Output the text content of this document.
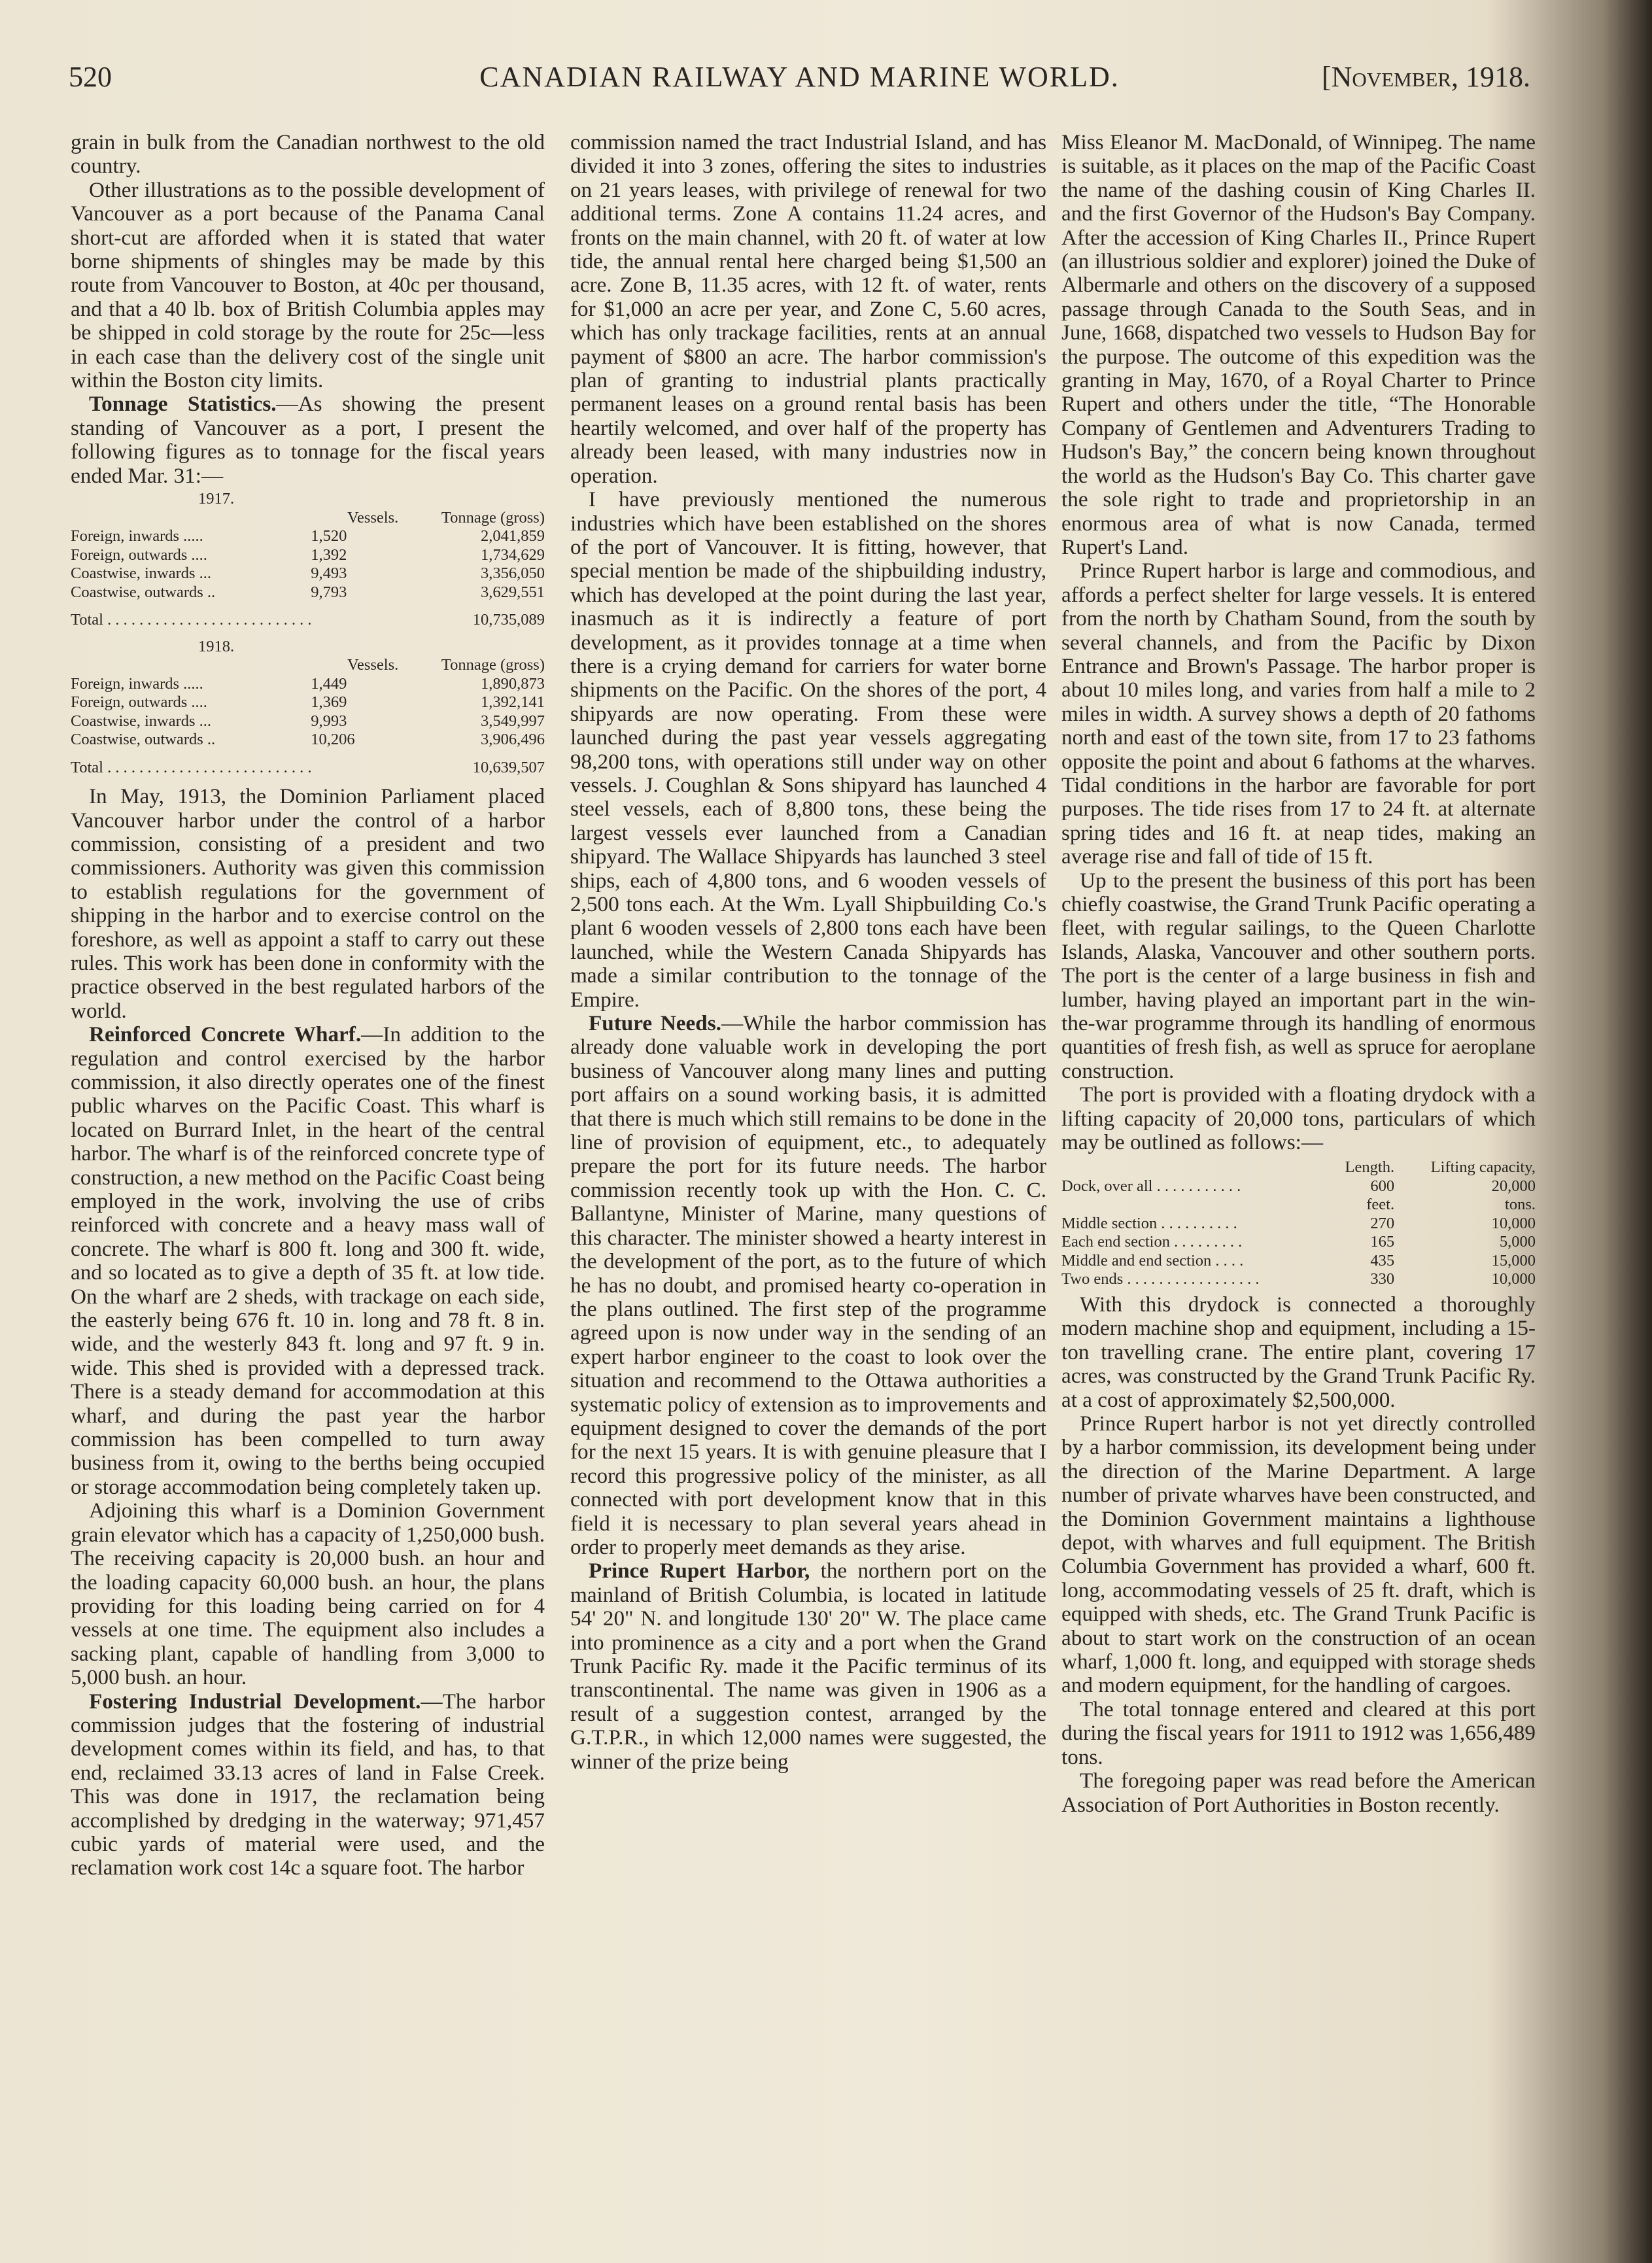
520	CANADIAN RAILWAY AND MARINE WORLD.	[November, 1918.

grain in bulk from the Canadian northwest to the old country.

Other illustrations as to the possible development of Vancouver as a port because of the Panama Canal short-cut are afforded when it is stated that water borne shipments of shingles may be made by this route from Vancouver to Boston, at 40c per thousand, and that a 40 lb. box of British Columbia apples may be shipped in cold storage by the route for 25c—less in each case than the delivery cost of the single unit within the Boston city limits.

Tonnage Statistics.—As showing the present standing of Vancouver as a port, I present the following figures as to tonnage for the fiscal years ended Mar. 31:—

1917.		
	Vessels.	Tonnage (gross)
Foreign, inwards .....	1,520	2,041,859
Foreign, outwards ....	1,392	1,734,629
Coastwise, inwards ...	9,493	3,356,050
Coastwise, outwards ..	9,793	3,629,551
Total . . . . . . . . . . . . . . . . . . . . . . . . . .		10,735,089
1918.		
	Vessels.	Tonnage (gross)
Foreign, inwards .....	1,449	1,890,873
Foreign, outwards ....	1,369	1,392,141
Coastwise, inwards ...	9,993	3,549,997
Coastwise, outwards ..	10,206	3,906,496
Total . . . . . . . . . . . . . . . . . . . . . . . . . .		10,639,507

In May, 1913, the Dominion Parliament placed Vancouver harbor under the control of a harbor commission, consisting of a president and two commissioners. Authority was given this commission to establish regulations for the government of shipping in the harbor and to exercise control on the foreshore, as well as appoint a staff to carry out these rules. This work has been done in conformity with the practice observed in the best regulated harbors of the world.

Reinforced Concrete Wharf.—In addition to the regulation and control exercised by the harbor commission, it also directly operates one of the finest public wharves on the Pacific Coast. This wharf is located on Burrard Inlet, in the heart of the central harbor. The wharf is of the reinforced concrete type of construction, a new method on the Pacific Coast being employed in the work, involving the use of cribs reinforced with concrete and a heavy mass wall of concrete. The wharf is 800 ft. long and 300 ft. wide, and so located as to give a depth of 35 ft. at low tide. On the wharf are 2 sheds, with trackage on each side, the easterly being 676 ft. 10 in. long and 78 ft. 8 in. wide, and the westerly 843 ft. long and 97 ft. 9 in. wide. This shed is provided with a depressed track. There is a steady demand for accommodation at this wharf, and during the past year the harbor commission has been compelled to turn away business from it, owing to the berths being occupied or storage accommodation being completely taken up.

Adjoining this wharf is a Dominion Government grain elevator which has a capacity of 1,250,000 bush. The receiving capacity is 20,000 bush. an hour and the loading capacity 60,000 bush. an hour, the plans providing for this loading being carried on for 4 vessels at one time. The equipment also includes a sacking plant, capable of handling from 3,000 to 5,000 bush. an hour.

Fostering Industrial Development.—The harbor commission judges that the fostering of industrial development comes within its field, and has, to that end, reclaimed 33.13 acres of land in False Creek. This was done in 1917, the reclamation being accomplished by dredging in the waterway; 971,457 cubic yards of material were used, and the reclamation work cost 14c a square foot. The harbor

commission named the tract Industrial Island, and has divided it into 3 zones, offering the sites to industries on 21 years leases, with privilege of renewal for two additional terms. Zone A contains 11.24 acres, and fronts on the main channel, with 20 ft. of water at low tide, the annual rental here charged being $1,500 an acre. Zone B, 11.35 acres, with 12 ft. of water, rents for $1,000 an acre per year, and Zone C, 5.60 acres, which has only trackage facilities, rents at an annual payment of $800 an acre. The harbor commission's plan of granting to industrial plants practically permanent leases on a ground rental basis has been heartily welcomed, and over half of the property has already been leased, with many industries now in operation.

I have previously mentioned the numerous industries which have been established on the shores of the port of Vancouver. It is fitting, however, that special mention be made of the shipbuilding industry, which has developed at the point during the last year, inasmuch as it is indirectly a feature of port development, as it provides tonnage at a time when there is a crying demand for carriers for water borne shipments on the Pacific. On the shores of the port, 4 shipyards are now operating. From these were launched during the past year vessels aggregating 98,200 tons, with operations still under way on other vessels. J. Coughlan & Sons shipyard has launched 4 steel vessels, each of 8,800 tons, these being the largest vessels ever launched from a Canadian shipyard. The Wallace Shipyards has launched 3 steel ships, each of 4,800 tons, and 6 wooden vessels of 2,500 tons each. At the Wm. Lyall Shipbuilding Co.'s plant 6 wooden vessels of 2,800 tons each have been launched, while the Western Canada Shipyards has made a similar contribution to the tonnage of the Empire.

Future Needs.—While the harbor commission has already done valuable work in developing the port business of Vancouver along many lines and putting port affairs on a sound working basis, it is admitted that there is much which still remains to be done in the line of provision of equipment, etc., to adequately prepare the port for its future needs. The harbor commission recently took up with the Hon. C. C. Ballantyne, Minister of Marine, many questions of this character. The minister showed a hearty interest in the development of the port, as to the future of which he has no doubt, and promised hearty co-operation in the plans outlined. The first step of the programme agreed upon is now under way in the sending of an expert harbor engineer to the coast to look over the situation and recommend to the Ottawa authorities a systematic policy of extension as to improvements and equipment designed to cover the demands of the port for the next 15 years. It is with genuine pleasure that I record this progressive policy of the minister, as all connected with port development know that in this field it is necessary to plan several years ahead in order to properly meet demands as they arise.

Prince Rupert Harbor, the northern port on the mainland of British Columbia, is located in latitude 54' 20" N. and longitude 130' 20" W. The place came into prominence as a city and a port when the Grand Trunk Pacific Ry. made it the Pacific terminus of its transcontinental. The name was given in 1906 as a result of a suggestion contest, arranged by the G.T.P.R., in which 12,000 names were suggested, the winner of the prize being

Miss Eleanor M. MacDonald, of Winnipeg. The name is suitable, as it places on the map of the Pacific Coast the name of the dashing cousin of King Charles II. and the first Governor of the Hudson's Bay Company. After the accession of King Charles II., Prince Rupert (an illustrious soldier and explorer) joined the Duke of Albermarle and others on the discovery of a supposed passage through Canada to the South Seas, and in June, 1668, dispatched two vessels to Hudson Bay for the purpose. The outcome of this expedition was the granting in May, 1670, of a Royal Charter to Prince Rupert and others under the title, “The Honorable Company of Gentlemen and Adventurers Trading to Hudson's Bay,” the concern being known throughout the world as the Hudson's Bay Co. This charter gave the sole right to trade and proprietorship in an enormous area of what is now Canada, termed Rupert's Land.

Prince Rupert harbor is large and commodious, and affords a perfect shelter for large vessels. It is entered from the north by Chatham Sound, from the south by several channels, and from the Pacific by Dixon Entrance and Brown's Passage. The harbor proper is about 10 miles long, and varies from half a mile to 2 miles in width. A survey shows a depth of 20 fathoms north and east of the town site, from 17 to 23 fathoms opposite the point and about 6 fathoms at the wharves. Tidal conditions in the harbor are favorable for port purposes. The tide rises from 17 to 24 ft. at alternate spring tides and 16 ft. at neap tides, making an average rise and fall of tide of 15 ft.

Up to the present the business of this port has been chiefly coastwise, the Grand Trunk Pacific operating a fleet, with regular sailings, to the Queen Charlotte Islands, Alaska, Vancouver and other southern ports. The port is the center of a large business in fish and lumber, having played an important part in the win-the-war programme through its handling of enormous quantities of fresh fish, as well as spruce for aeroplane construction.

The port is provided with a floating drydock with a lifting capacity of 20,000 tons, particulars of which may be outlined as follows:—

	Length.	Lifting capacity,
Dock, over all . . . . . . . . . . .	600	20,000
	feet.	tons.
Middle section . . . . . . . . . .	270	10,000
Each end section . . . . . . . . .	165	5,000
Middle and end section . . . .	435	15,000
Two ends . . . . . . . . . . . . . . . . .	330	10,000

With this drydock is connected a thoroughly modern machine shop and equipment, including a 15-ton travelling crane. The entire plant, covering 17 acres, was constructed by the Grand Trunk Pacific Ry. at a cost of approximately $2,500,000.

Prince Rupert harbor is not yet directly controlled by a harbor commission, its development being under the direction of the Marine Department. A large number of private wharves have been constructed, and the Dominion Government maintains a lighthouse depot, with wharves and full equipment. The British Columbia Government has provided a wharf, 600 ft. long, accommodating vessels of 25 ft. draft, which is equipped with sheds, etc. The Grand Trunk Pacific is about to start work on the construction of an ocean wharf, 1,000 ft. long, and equipped with storage sheds and modern equipment, for the handling of cargoes.

The total tonnage entered and cleared at this port during the fiscal years for 1911 to 1912 was 1,656,489 tons.

The foregoing paper was read before the American Association of Port Authorities in Boston recently.
